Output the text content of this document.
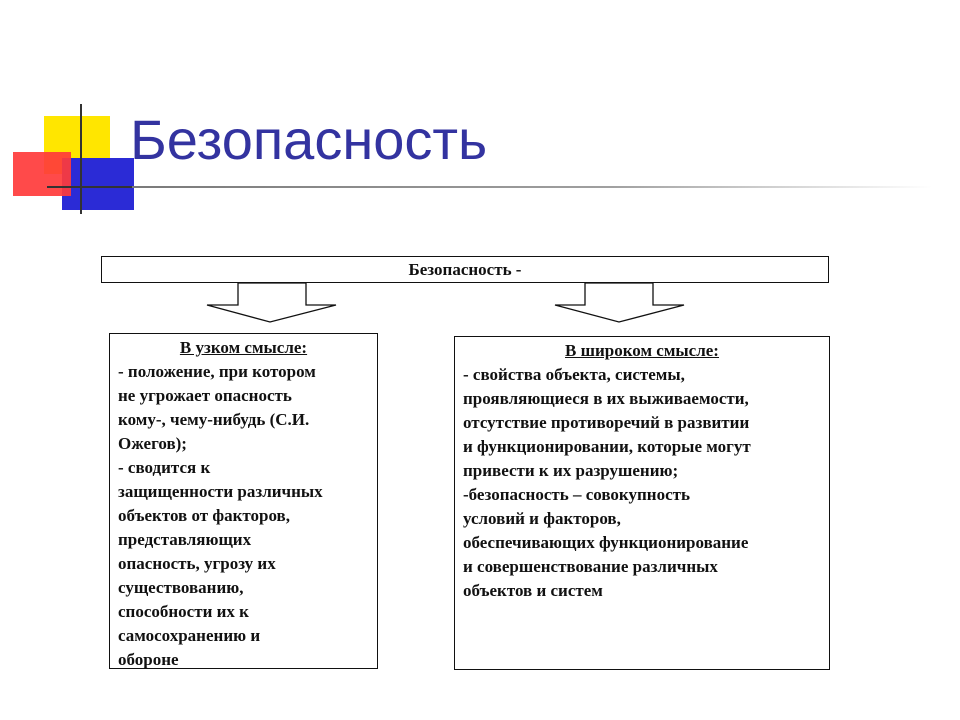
Безопасность
Безопасность -
В узком смысле:
- положение, при котором
не угрожает опасность
кому-, чему-нибудь (С.И.
Ожегов);
- сводится к
защищенности различных
объектов от факторов,
представляющих
опасность, угрозу их
существованию,
способности их к
самосохранению и
обороне
В широком смысле:
- свойства объекта, системы,
проявляющиеся в их выживаемости,
отсутствие противоречий в развитии
и функционировании, которые могут
привести к их разрушению;
-безопасность – совокупность
условий и факторов,
обеспечивающих функционирование
и совершенствование различных
объектов и систем
